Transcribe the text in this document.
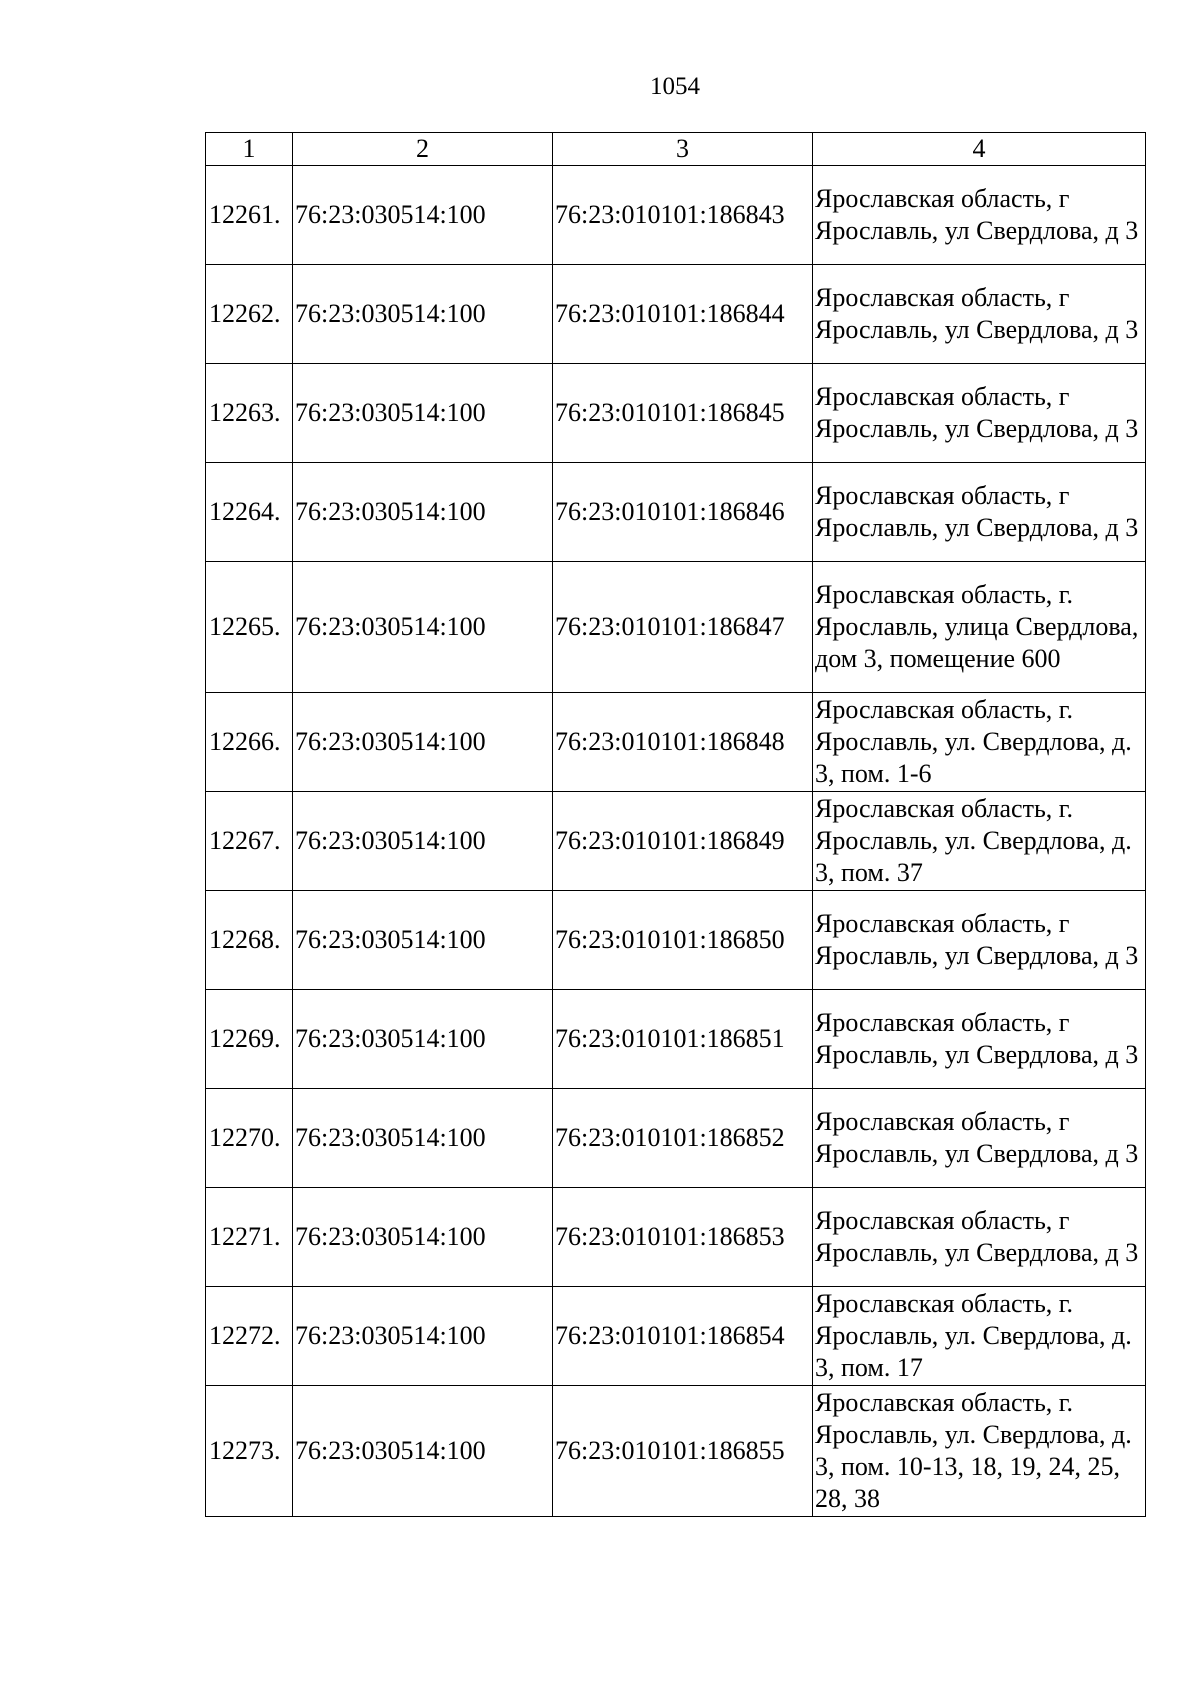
1054
1	2	3	4
12261.	76:23:030514:100	76:23:010101:186843	Ярославская область, г Ярославль, ул Свердлова, д 3
12262.	76:23:030514:100	76:23:010101:186844	Ярославская область, г Ярославль, ул Свердлова, д 3
12263.	76:23:030514:100	76:23:010101:186845	Ярославская область, г Ярославль, ул Свердлова, д 3
12264.	76:23:030514:100	76:23:010101:186846	Ярославская область, г Ярославль, ул Свердлова, д 3
12265.	76:23:030514:100	76:23:010101:186847	Ярославская область, г. Ярославль, улица Свердлова, дом 3, помещение 600
12266.	76:23:030514:100	76:23:010101:186848	Ярославская область, г. Ярославль, ул. Свердлова, д. 3, пом. 1-6
12267.	76:23:030514:100	76:23:010101:186849	Ярославская область, г. Ярославль, ул. Свердлова, д. 3, пом. 37
12268.	76:23:030514:100	76:23:010101:186850	Ярославская область, г Ярославль, ул Свердлова, д 3
12269.	76:23:030514:100	76:23:010101:186851	Ярославская область, г Ярославль, ул Свердлова, д 3
12270.	76:23:030514:100	76:23:010101:186852	Ярославская область, г Ярославль, ул Свердлова, д 3
12271.	76:23:030514:100	76:23:010101:186853	Ярославская область, г Ярославль, ул Свердлова, д 3
12272.	76:23:030514:100	76:23:010101:186854	Ярославская область, г. Ярославль, ул. Свердлова, д. 3, пом. 17
12273.	76:23:030514:100	76:23:010101:186855	Ярославская область, г. Ярославль, ул. Свердлова, д. 3, пом. 10-13, 18, 19, 24, 25, 28, 38
